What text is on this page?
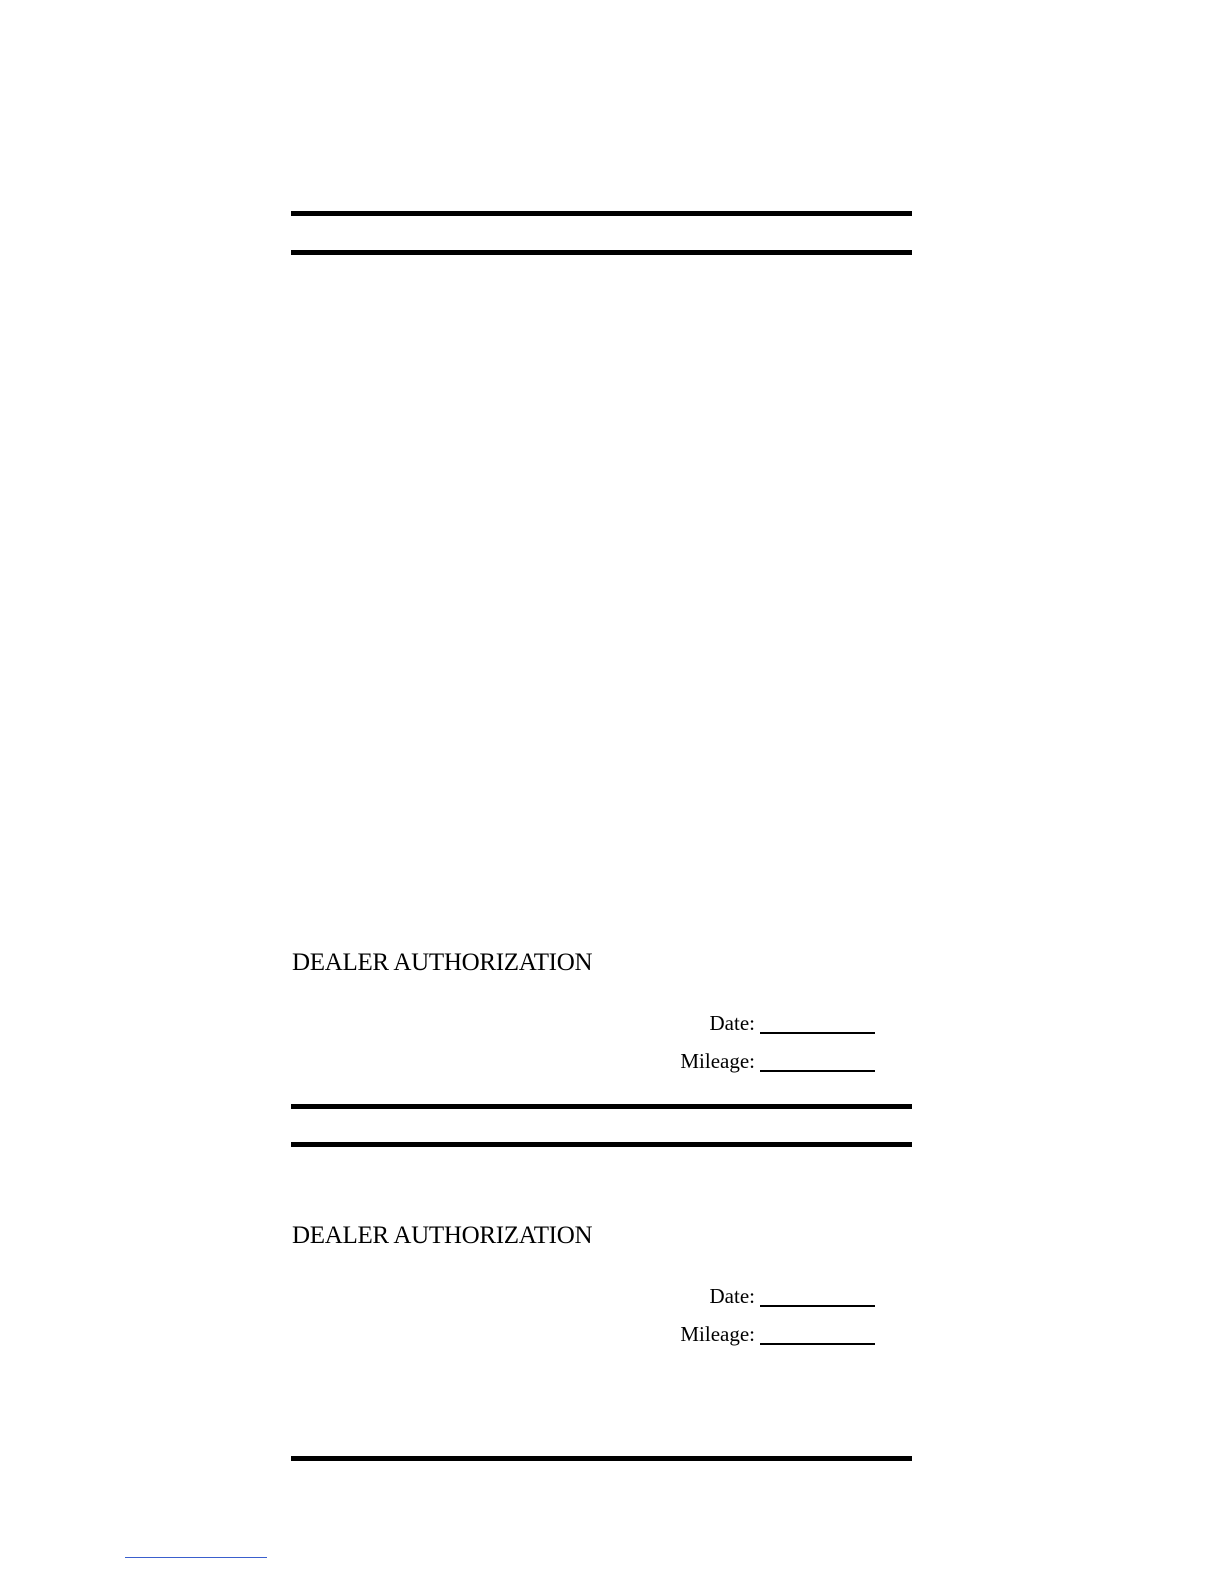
DEALER AUTHORIZATION
Date:
Mileage:
DEALER AUTHORIZATION
Date:
Mileage:
